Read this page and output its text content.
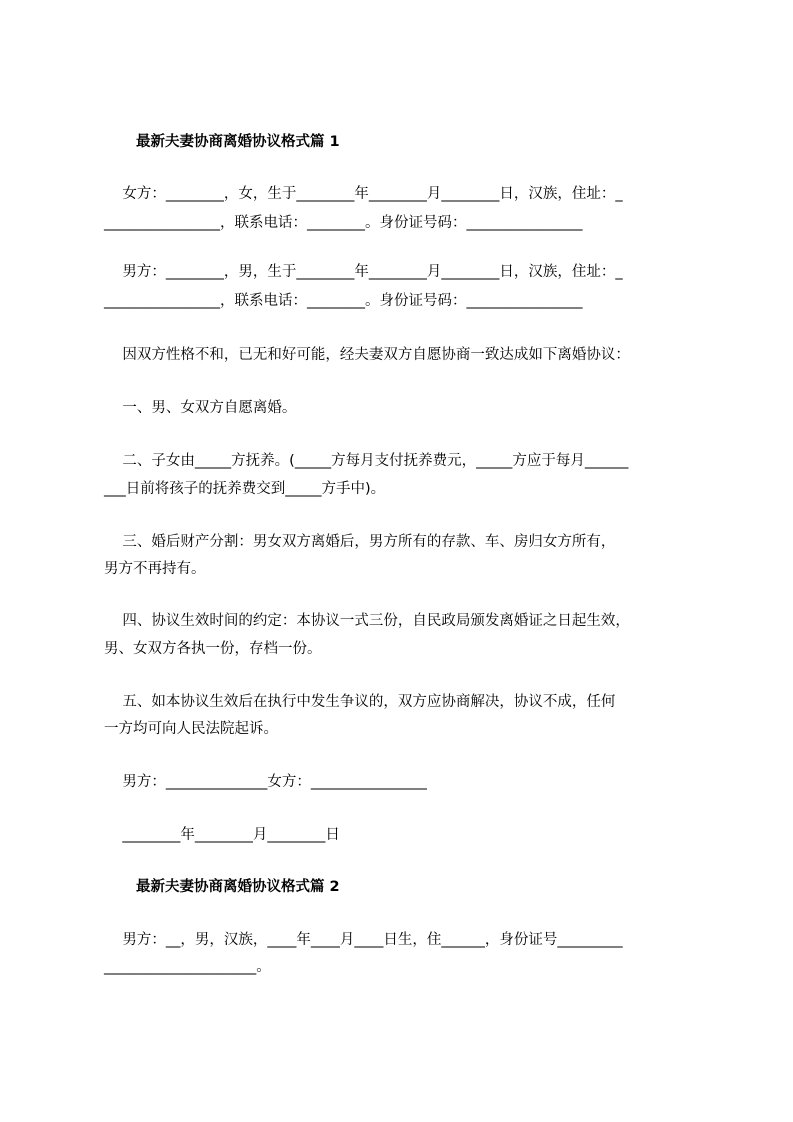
最新夫妻协商离婚协议格式篇 1

女方：________，女，生于________年________月________日，汉族，住址：_

________________，联系电话：________。身份证号码：________________

男方：________，男，生于________年________月________日，汉族，住址：_

________________，联系电话：________。身份证号码：________________

因双方性格不和，已无和好可能，经夫妻双方自愿协商一致达成如下离婚协议：

一、男、女双方自愿离婚。

二、子女由_____方抚养。(_____方每月支付抚养费元，_____方应于每月______

___日前将孩子的抚养费交到_____方手中)。

三、婚后财产分割：男女双方离婚后，男方所有的存款、车、房归女方所有，

男方不再持有。

四、协议生效时间的约定：本协议一式三份，自民政局颁发离婚证之日起生效，

男、女双方各执一份，存档一份。

五、如本协议生效后在执行中发生争议的，双方应协商解决，协议不成，任何

一方均可向人民法院起诉。

男方：______________女方：________________

________年________月________日

最新夫妻协商离婚协议格式篇 2

男方：__，男，汉族，____年____月____日生，住______，身份证号_________

_____________________。
